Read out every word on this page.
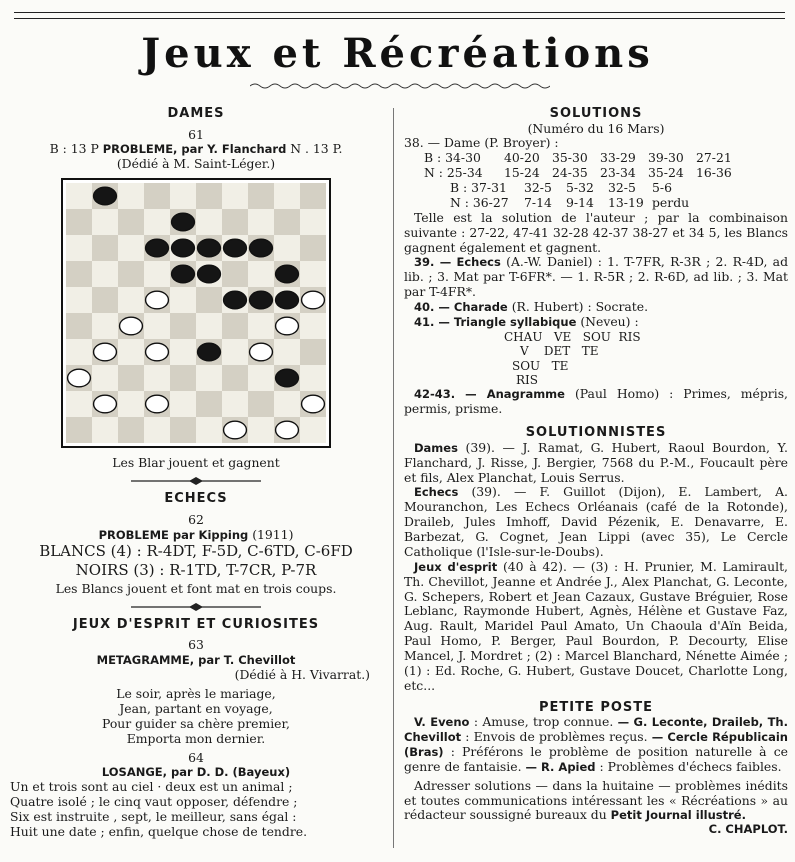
Jeux et Récréations

DAMES

61

B : 13 P PROBLEME, par Y. Flanchard N . 13 P.

(Dédié à M. Saint-Léger.)

Les Blar jouent et gagnent

ECHECS

62

PROBLEME par Kipping (1911)

BLANCS (4) : R-4DT, F-5D, C-6TD, C-6FD

NOIRS (3) : R-1TD, T-7CR, P-7R

Les Blancs jouent et font mat en trois coups.

JEUX D'ESPRIT ET CURIOSITES

63

METAGRAMME, par T. Chevillot

(Dédié à H. Vivarrat.)

Le soir, après le mariage,

Jean, partant en voyage,

Pour guider sa chère premier,

Emporta mon dernier.

64

LOSANGE, par D. D. (Bayeux)

Un et trois sont au ciel · deux est un animal ;

Quatre isolé ; le cinq vaut opposer, défendre ;

Six est instruite , sept, le meilleur, sans égal :

Huit une date ; enfin, quelque chose de tendre.

SOLUTIONS

(Numéro du 16 Mars)

38. — Dame (P. Broyer) :

B : 34-30 40-20 35-30 33-29 39-30 27-21

N : 25-34 15-24 24-35 23-34 35-24 16-36

B : 37-31 32-5 5-32 32-5 5-6

N : 36-27 7-14 9-14 13-19 perdu

Telle est la solution de l'auteur ; par la combinaison suivante : 27-22, 47-41 32-28 42-37 38-27 et 34 5, les Blancs gagnent également et gagnent.

39. — Echecs (A.-W. Daniel) : 1. T-7FR, R-3R ; 2. R-4D, ad lib. ; 3. Mat par T-6FR*. — 1. R-5R ; 2. R-6D, ad lib. ; 3. Mat par T-4FR*.

40. — Charade (R. Hubert) : Socrate.

41. — Triangle syllabique (Neveu) :

CHAU   VE   SOU  RIS

V    DET   TE

SOU   TE

RIS

42-43. — Anagramme (Paul Homo) : Primes, mépris, permis, prisme.

SOLUTIONNISTES

Dames (39). — J. Ramat, G. Hubert, Raoul Bourdon, Y. Flanchard, J. Risse, J. Bergier, 7568 du P.-M., Foucault père et fils, Alex Planchat, Louis Serrus.

Echecs (39). — F. Guillot (Dijon), E. Lambert, A. Mouranchon, Les Echecs Orléanais (café de la Rotonde), Draileb, Jules Imhoff, David Pézenik, E. Denavarre, E. Barbezat, G. Cognet, Jean Lippi (avec 35), Le Cercle Catholique (l'Isle-sur-le-Doubs).

Jeux d'esprit (40 à 42). — (3) : H. Prunier, M. Lamirault, Th. Chevillot, Jeanne et Andrée J., Alex Planchat, G. Leconte, G. Schepers, Robert et Jean Cazaux, Gustave Bréguier, Rose Leblanc, Raymonde Hubert, Agnès, Hélène et Gustave Faz, Aug. Rault, Maridel Paul Amato, Un Chaoula d'Aïn Beida, Paul Homo, P. Berger, Paul Bourdon, P. Decourty, Elise Mancel, J. Mordret ; (2) : Marcel Blanchard, Nénette Aimée ; (1) : Ed. Roche, G. Hubert, Gustave Doucet, Charlotte Long, etc...

PETITE POSTE

V. Eveno : Amuse, trop connue. — G. Leconte, Draileb, Th. Chevillot : Envois de problèmes reçus. — Cercle Républicain (Bras) : Préférons le problème de position naturelle à ce genre de fantaisie. — R. Apied : Problèmes d'échecs faibles.

Adresser solutions — dans la huitaine — problèmes inédits et toutes communications intéressant les « Récréations » au rédacteur soussigné bureaux du Petit Journal illustré.
C. CHAPLOT.
